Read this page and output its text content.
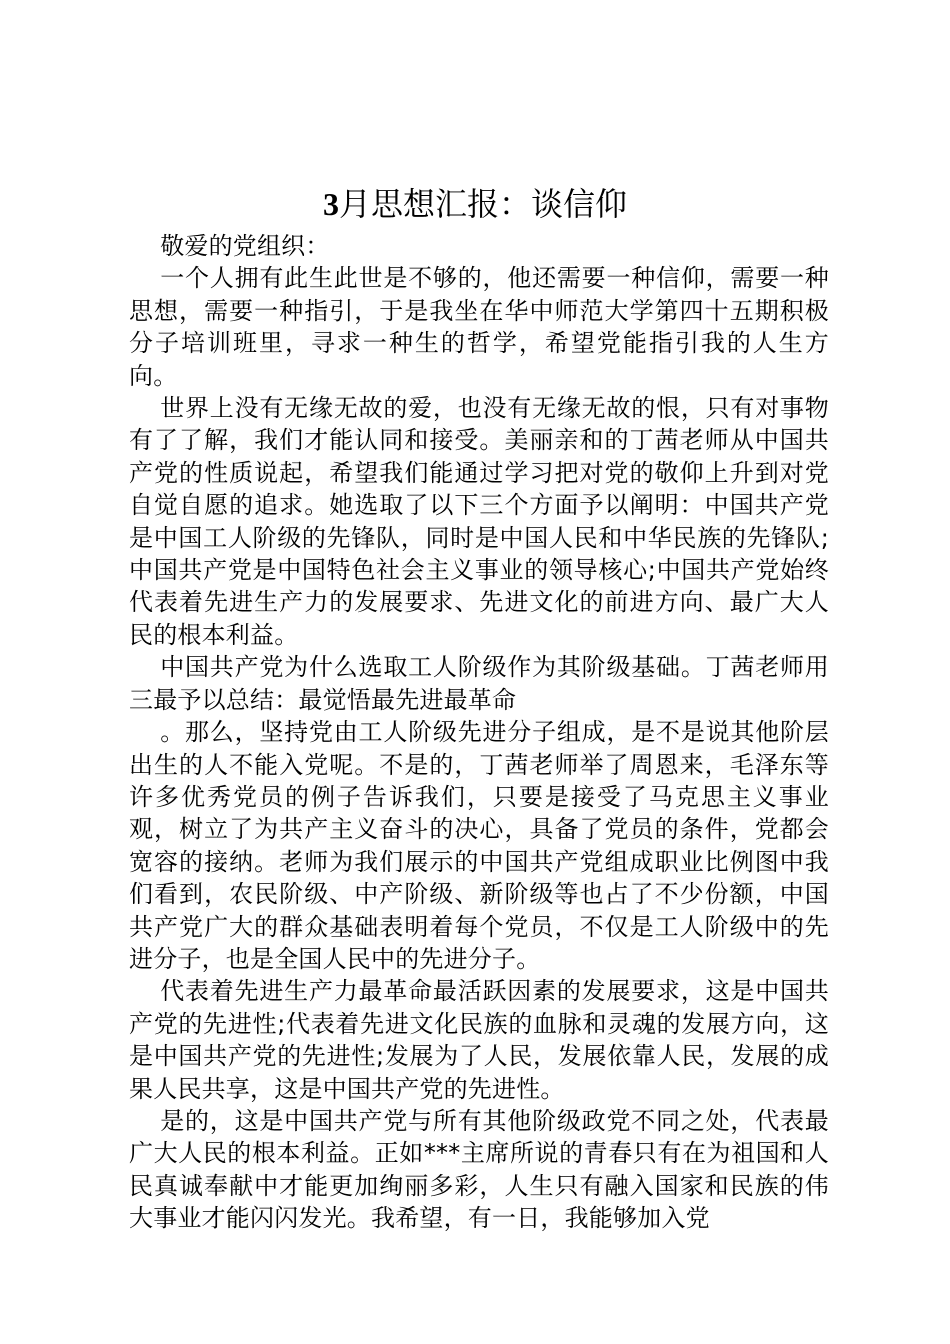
3月思想汇报：谈信仰

敬爱的党组织：

一个人拥有此生此世是不够的，他还需要一种信仰，需要一种思想，需要一种指引，于是我坐在华中师范大学第四十五期积极分子培训班里，寻求一种生的哲学，希望党能指引我的人生方向。

世界上没有无缘无故的爱，也没有无缘无故的恨，只有对事物有了了解，我们才能认同和接受。美丽亲和的丁茜老师从中国共产党的性质说起，希望我们能通过学习把对党的敬仰上升到对党自觉自愿的追求。她选取了以下三个方面予以阐明：中国共产党是中国工人阶级的先锋队，同时是中国人民和中华民族的先锋队;中国共产党是中国特色社会主义事业的领导核心;中国共产党始终代表着先进生产力的发展要求、先进文化的前进方向、最广大人民的根本利益。

中国共产党为什么选取工人阶级作为其阶级基础。丁茜老师用三最予以总结：最觉悟最先进最革命

。那么，坚持党由工人阶级先进分子组成，是不是说其他阶层出生的人不能入党呢。不是的，丁茜老师举了周恩来，毛泽东等许多优秀党员的例子告诉我们，只要是接受了马克思主义事业观，树立了为共产主义奋斗的决心，具备了党员的条件，党都会宽容的接纳。老师为我们展示的中国共产党组成职业比例图中我们看到，农民阶级、中产阶级、新阶级等也占了不少份额，中国共产党广大的群众基础表明着每个党员，不仅是工人阶级中的先进分子，也是全国人民中的先进分子。

代表着先进生产力最革命最活跃因素的发展要求，这是中国共产党的先进性;代表着先进文化民族的血脉和灵魂的发展方向，这是中国共产党的先进性;发展为了人民，发展依靠人民，发展的成果人民共享，这是中国共产党的先进性。

是的，这是中国共产党与所有其他阶级政党不同之处，代表最广大人民的根本利益。正如***主席所说的青春只有在为祖国和人民真诚奉献中才能更加绚丽多彩，人生只有融入国家和民族的伟大事业才能闪闪发光。我希望，有一日，我能够加入党
